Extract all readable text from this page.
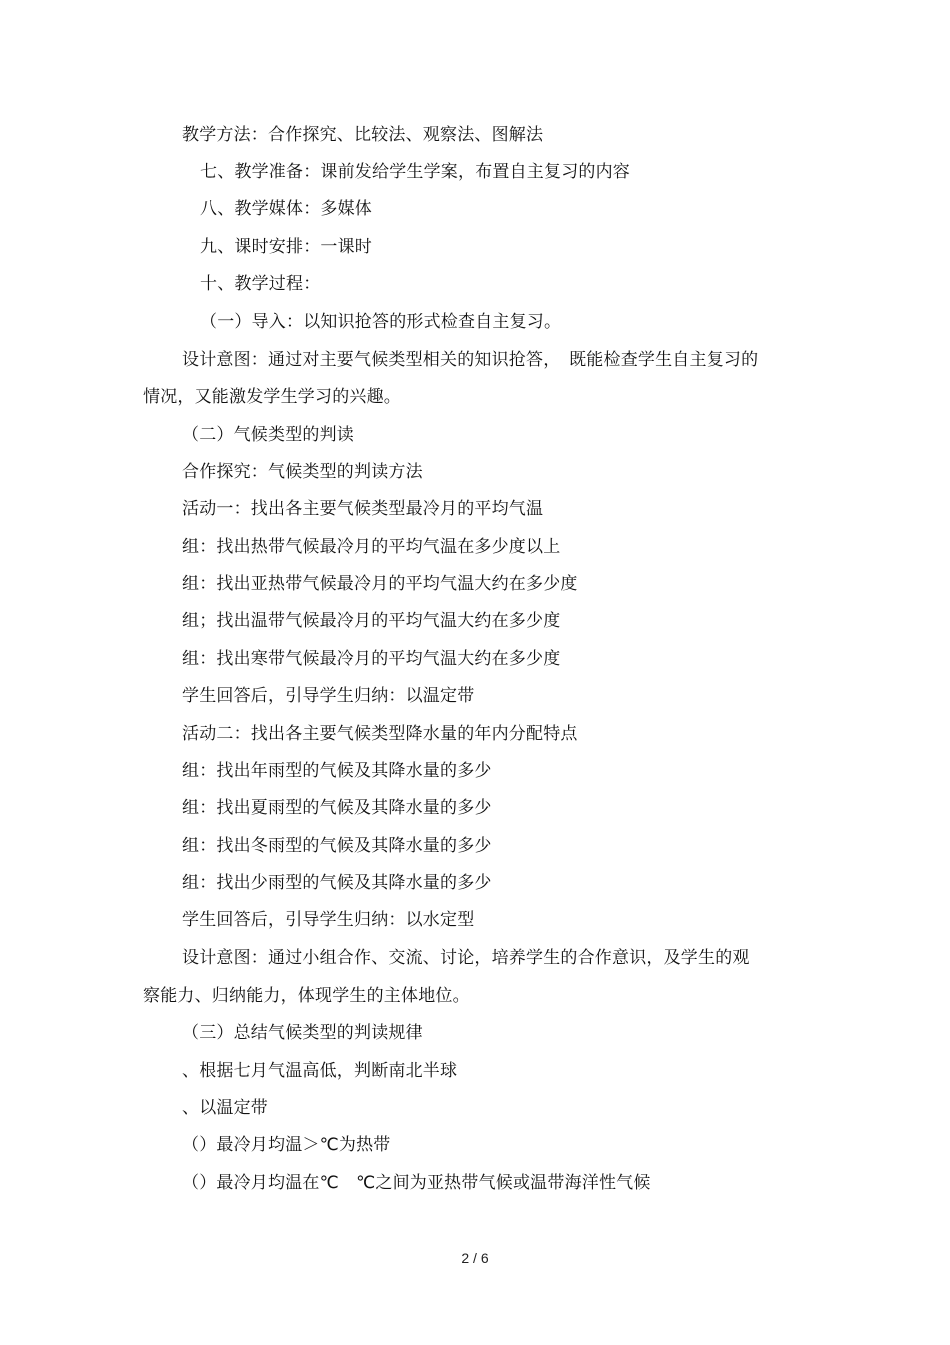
教学方法：合作探究、比较法、观察法、图解法
七、教学准备：课前发给学生学案，布置自主复习的内容
八、教学媒体：多媒体
九、课时安排：一课时
十、教学过程：
（一）导入：以知识抢答的形式检查自主复习。
设计意图：通过对主要气候类型相关的知识抢答，　既能检查学生自主复习的
情况，又能激发学生学习的兴趣。
（二）气候类型的判读
合作探究：气候类型的判读方法
活动一：找出各主要气候类型最冷月的平均气温
组：找出热带气候最冷月的平均气温在多少度以上
组：找出亚热带气候最冷月的平均气温大约在多少度
组；找出温带气候最冷月的平均气温大约在多少度
组：找出寒带气候最冷月的平均气温大约在多少度
学生回答后，引导学生归纳：以温定带
活动二：找出各主要气候类型降水量的年内分配特点
组：找出年雨型的气候及其降水量的多少
组：找出夏雨型的气候及其降水量的多少
组：找出冬雨型的气候及其降水量的多少
组：找出少雨型的气候及其降水量的多少
学生回答后，引导学生归纳：以水定型
设计意图：通过小组合作、交流、讨论，培养学生的合作意识，及学生的观
察能力、归纳能力，体现学生的主体地位。
（三）总结气候类型的判读规律
、根据七月气温高低，判断南北半球
、以温定带
（）最冷月均温＞℃为热带
（）最冷月均温在℃　℃之间为亚热带气候或温带海洋性气候
2 / 6
